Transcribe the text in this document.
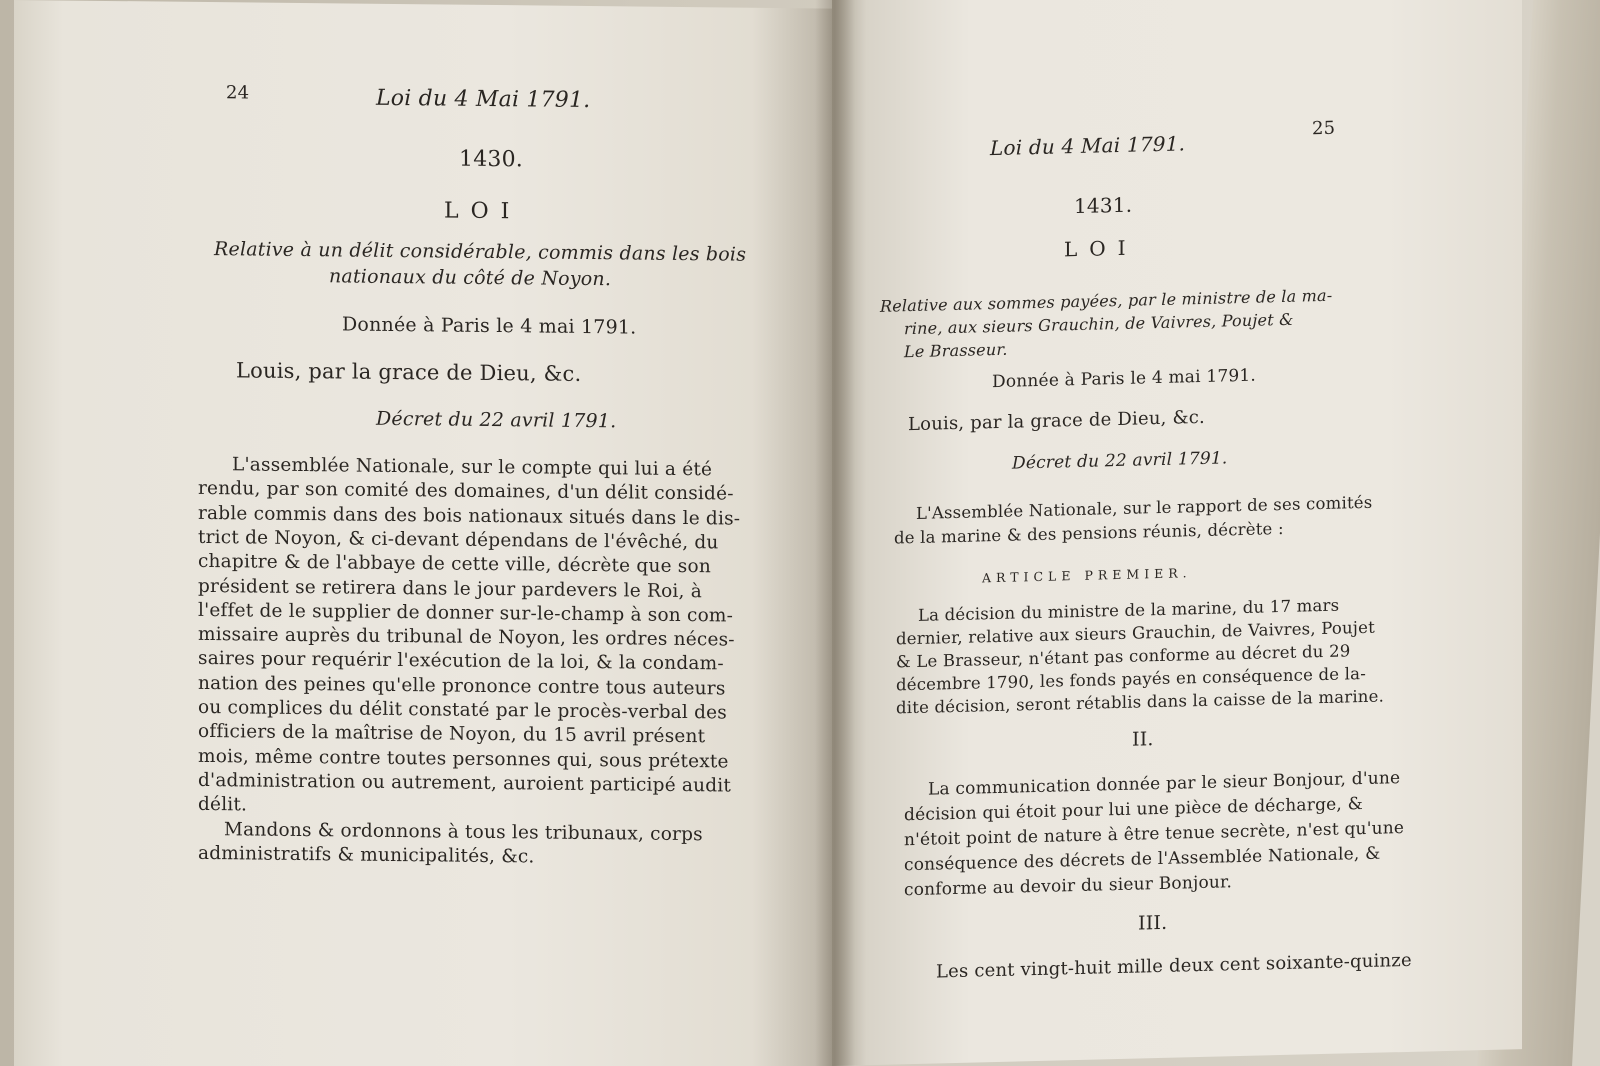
24	Loi du 4 Mai 1791.
1430.
LOI
Relative à un délit considérable, commis dans les bois
nationaux du côté de Noyon.
Donnée à Paris le 4 mai 1791.
Louis, par la grace de Dieu, &c.
Décret du 22 avril 1791.
L'assemblée Nationale, sur le compte qui lui a été
rendu, par son comité des domaines, d'un délit considé-
rable commis dans des bois nationaux situés dans le dis-
trict de Noyon, & ci-devant dépendans de l'évêché, du
chapitre & de l'abbaye de cette ville, décrète que son
président se retirera dans le jour pardevers le Roi, à
l'effet de le supplier de donner sur-le-champ à son com-
missaire auprès du tribunal de Noyon, les ordres néces-
saires pour requérir l'exécution de la loi, & la condam-
nation des peines qu'elle prononce contre tous auteurs
ou complices du délit constaté par le procès-verbal des
officiers de la maîtrise de Noyon, du 15 avril présent
mois, même contre toutes personnes qui, sous prétexte
d'administration ou autrement, auroient participé audit
délit.
Mandons & ordonnons à tous les tribunaux, corps
administratifs & municipalités, &c.
Loi du 4 Mai 1791.
25
1431.
LOI
Relative aux sommes payées, par le ministre de la ma-
rine, aux sieurs Grauchin, de Vaivres, Poujet &
Le Brasseur.
Donnée à Paris le 4 mai 1791.
Louis, par la grace de Dieu, &c.
Décret du 22 avril 1791.
L'Assemblée Nationale, sur le rapport de ses comités
de la marine & des pensions réunis, décrète :
ARTICLE PREMIER.
La décision du ministre de la marine, du 17 mars
dernier, relative aux sieurs Grauchin, de Vaivres, Poujet
& Le Brasseur, n'étant pas conforme au décret du 29
décembre 1790, les fonds payés en conséquence de la-
dite décision, seront rétablis dans la caisse de la marine.
II.
La communication donnée par le sieur Bonjour, d'une
décision qui étoit pour lui une pièce de décharge, &
n'étoit point de nature à être tenue secrète, n'est qu'une
conséquence des décrets de l'Assemblée Nationale, &
conforme au devoir du sieur Bonjour.
III.
Les cent vingt-huit mille deux cent soixante-quinze
